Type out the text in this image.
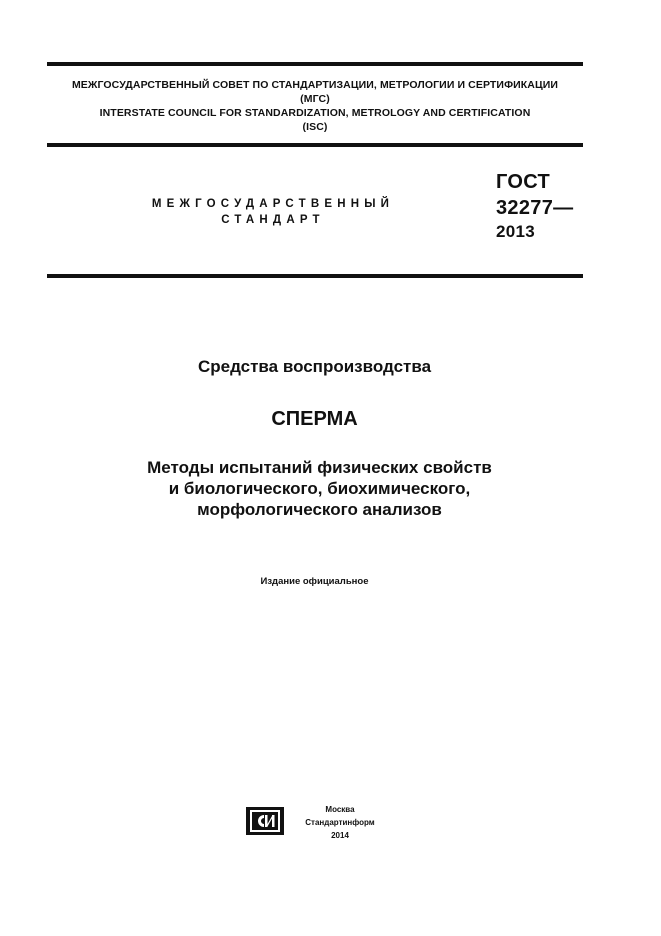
МЕЖГОСУДАРСТВЕННЫЙ СОВЕТ ПО СТАНДАРТИЗАЦИИ, МЕТРОЛОГИИ И СЕРТИФИКАЦИИ
(МГС)
INTERSTATE COUNCIL FOR STANDARDIZATION, METROLOGY AND CERTIFICATION
(ISC)
МЕЖГОСУДАРСТВЕННЫЙ
СТАНДАРТ
ГОСТ
32277—
2013
Средства воспроизводства
СПЕРМА
Методы испытаний физических свойств
и биологического, биохимического,
морфологического анализов
Издание официальное
Москва
Стандартинформ
2014
